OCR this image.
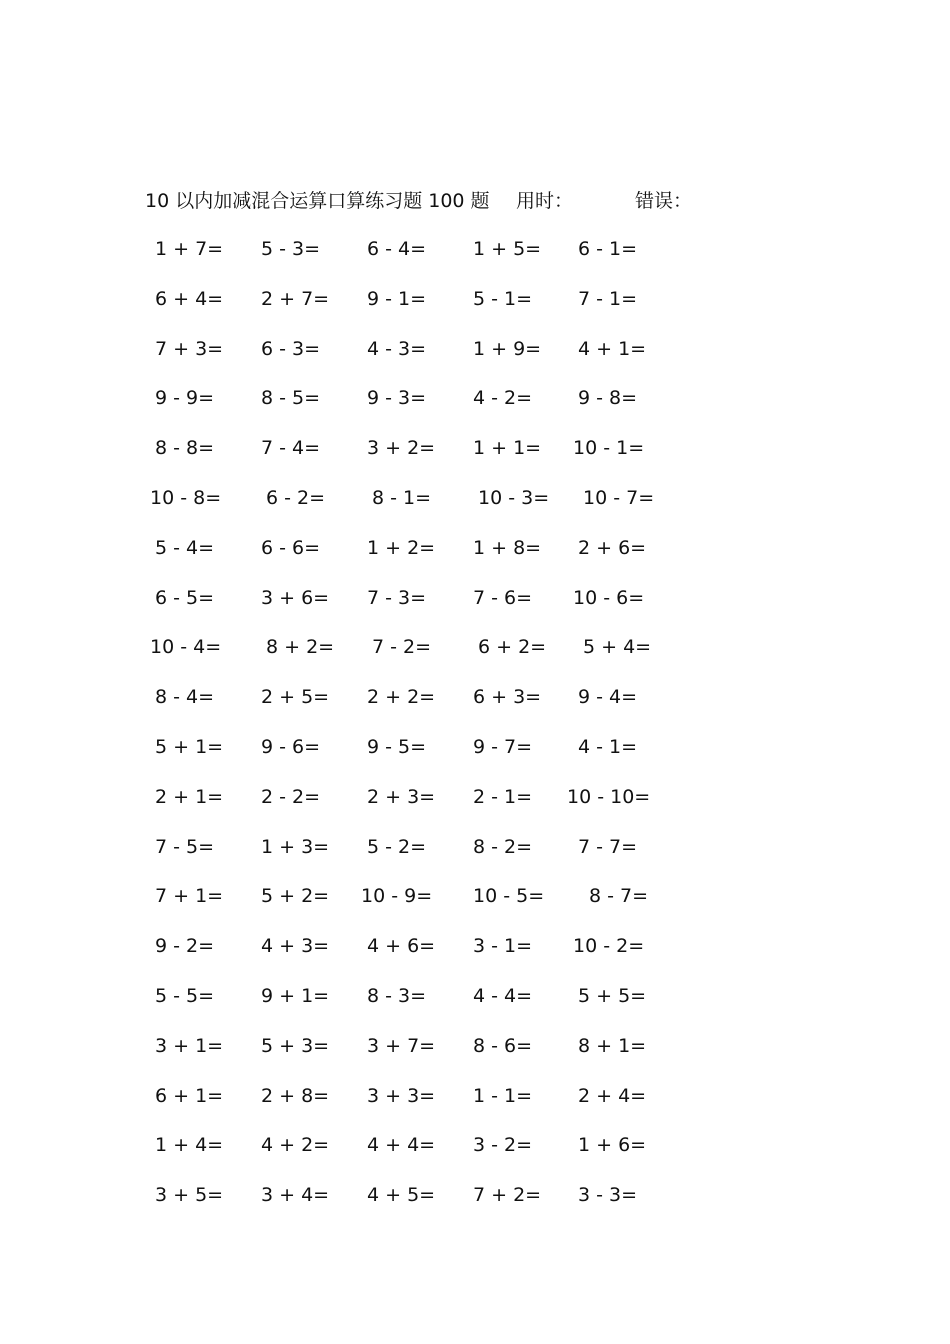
10 以内加减混合运算口算练习题 100 题 用时：	错误：
1 + 7= 5 - 3= 6 - 4= 1 + 5= 6 - 1=
6 + 4= 2 + 7= 9 - 1= 5 - 1= 7 - 1=
7 + 3= 6 - 3= 4 - 3= 1 + 9= 4 + 1=
9 - 9= 8 - 5= 9 - 3= 4 - 2= 9 - 8=
8 - 8= 7 - 4= 3 + 2= 1 + 1= 10 - 1=
10 - 8= 6 - 2= 8 - 1= 10 - 3= 10 - 7=
5 - 4= 6 - 6= 1 + 2= 1 + 8= 2 + 6=
6 - 5= 3 + 6= 7 - 3= 7 - 6= 10 - 6=
10 - 4= 8 + 2= 7 - 2= 6 + 2= 5 + 4=
8 - 4= 2 + 5= 2 + 2= 6 + 3= 9 - 4=
5 + 1= 9 - 6= 9 - 5= 9 - 7= 4 - 1=
2 + 1= 2 - 2= 2 + 3= 2 - 1= 10 - 10=
7 - 5= 1 + 3= 5 - 2= 8 - 2= 7 - 7=
7 + 1= 5 + 2= 10 - 9= 10 - 5= 8 - 7=
9 - 2= 4 + 3= 4 + 6= 3 - 1= 10 - 2=
5 - 5= 9 + 1= 8 - 3= 4 - 4= 5 + 5=
3 + 1= 5 + 3= 3 + 7= 8 - 6= 8 + 1=
6 + 1= 2 + 8= 3 + 3= 1 - 1= 2 + 4=
1 + 4= 4 + 2= 4 + 4= 3 - 2= 1 + 6=
3 + 5= 3 + 4= 4 + 5= 7 + 2= 3 - 3=
